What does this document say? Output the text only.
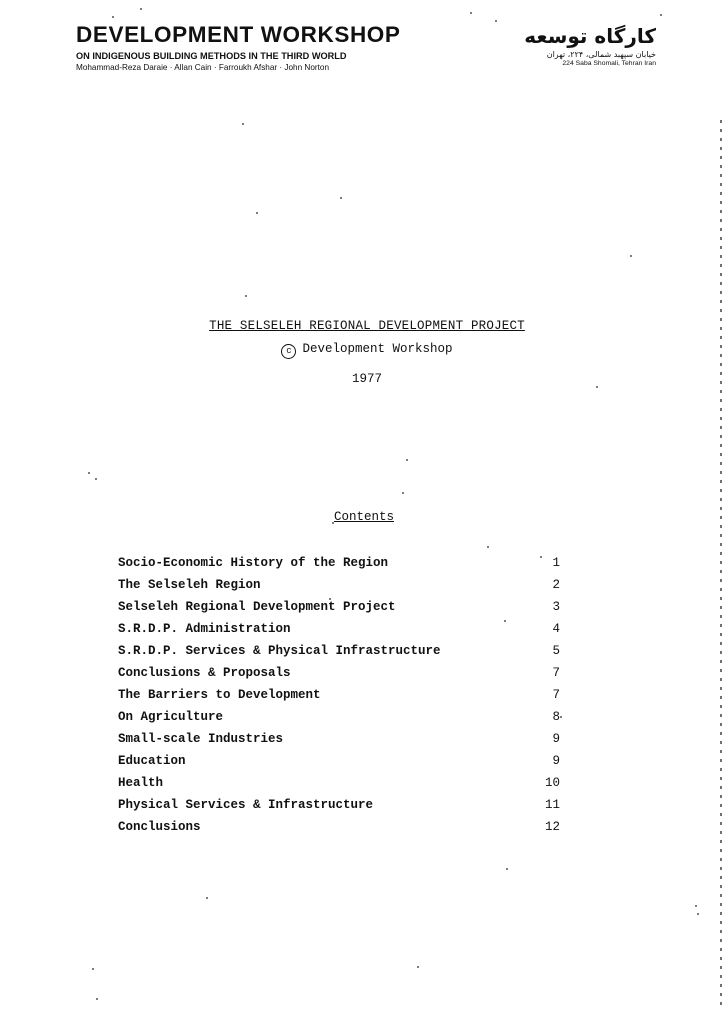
DEVELOPMENT WORKSHOP
ON INDIGENOUS BUILDING METHODS IN THE THIRD WORLD
Mohammad-Reza Daraie · Allan Cain · Farroukh Afshar · John Norton
کارگاه توسعه
خیابان سپهبد شمالی، ۲۲۴، تهران
224 Saba Shomali, Tehran Iran
THE SELSELEH REGIONAL DEVELOPMENT PROJECT
c Development Workshop
1977
Contents
Socio-Economic History of the Region	1
The Selseleh Region	2
Selseleh Regional Development Project	3
S.R.D.P. Administration	4
S.R.D.P. Services & Physical Infrastructure	5
Conclusions & Proposals	7
The Barriers to Development	7
On Agriculture	8
Small-scale Industries	9
Education	9
Health	10
Physical Services & Infrastructure	11
Conclusions	12
